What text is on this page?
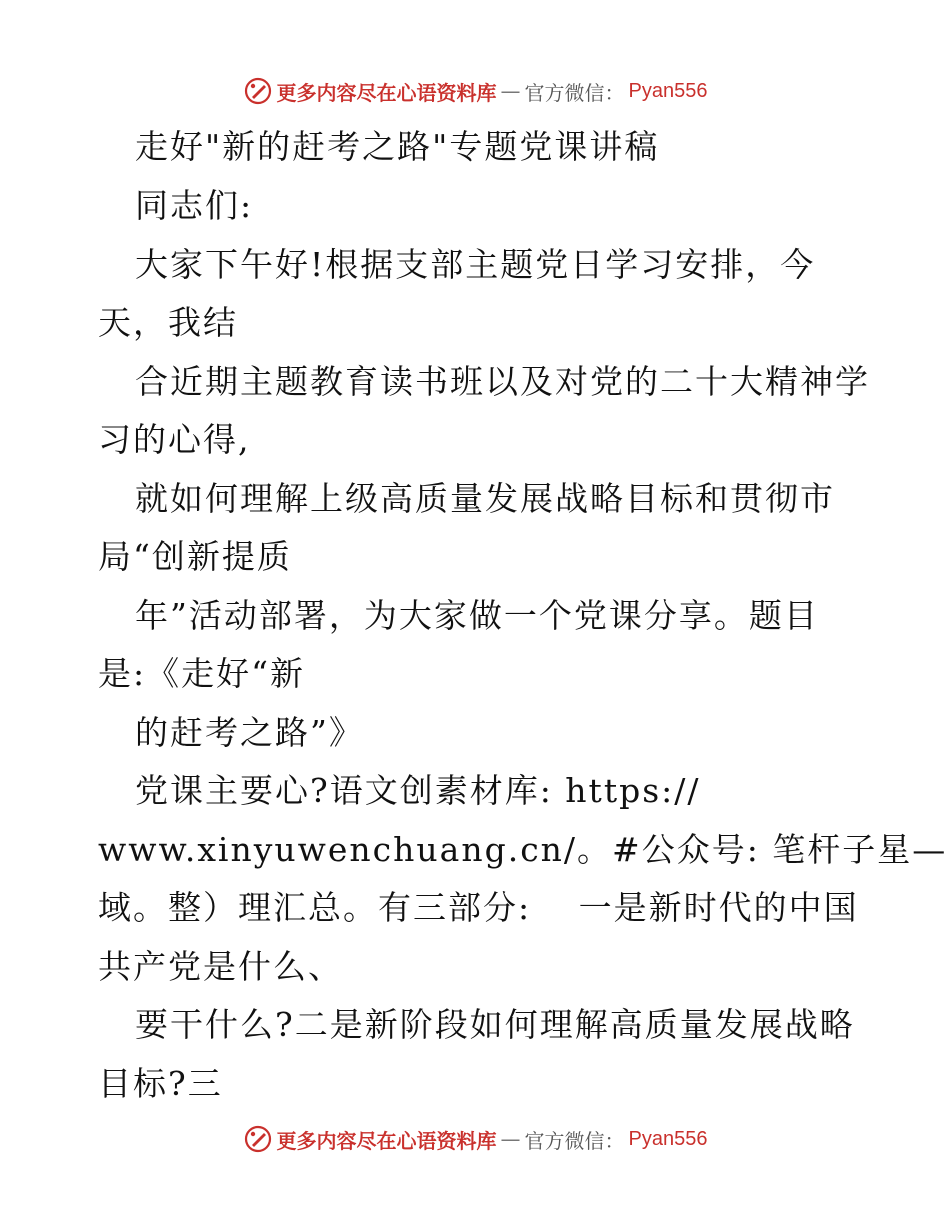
更多内容尽在心语资料库 — 官方微信： Pyan556
走好"新的赶考之路"专题党课讲稿
同志们:
大家下午好!根据支部主题党日学习安排，今
天，我结
合近期主题教育读书班以及对党的二十大精神学
习的心得,
就如何理解上级高质量发展战略目标和贯彻市
局“创新提质
年”活动部署，为大家做一个党课分享。题目
是:《走好“新
的赶考之路”》
党课主要心?语文创素材库: https://
www.xinyuwenchuang.cn/。#公众号: 笔杆子星—
域。整）理汇总。有三部分:　 一是新时代的中国
共产党是什么、
要干什么?二是新阶段如何理解高质量发展战略
目标?三
更多内容尽在心语资料库 — 官方微信： Pyan556
